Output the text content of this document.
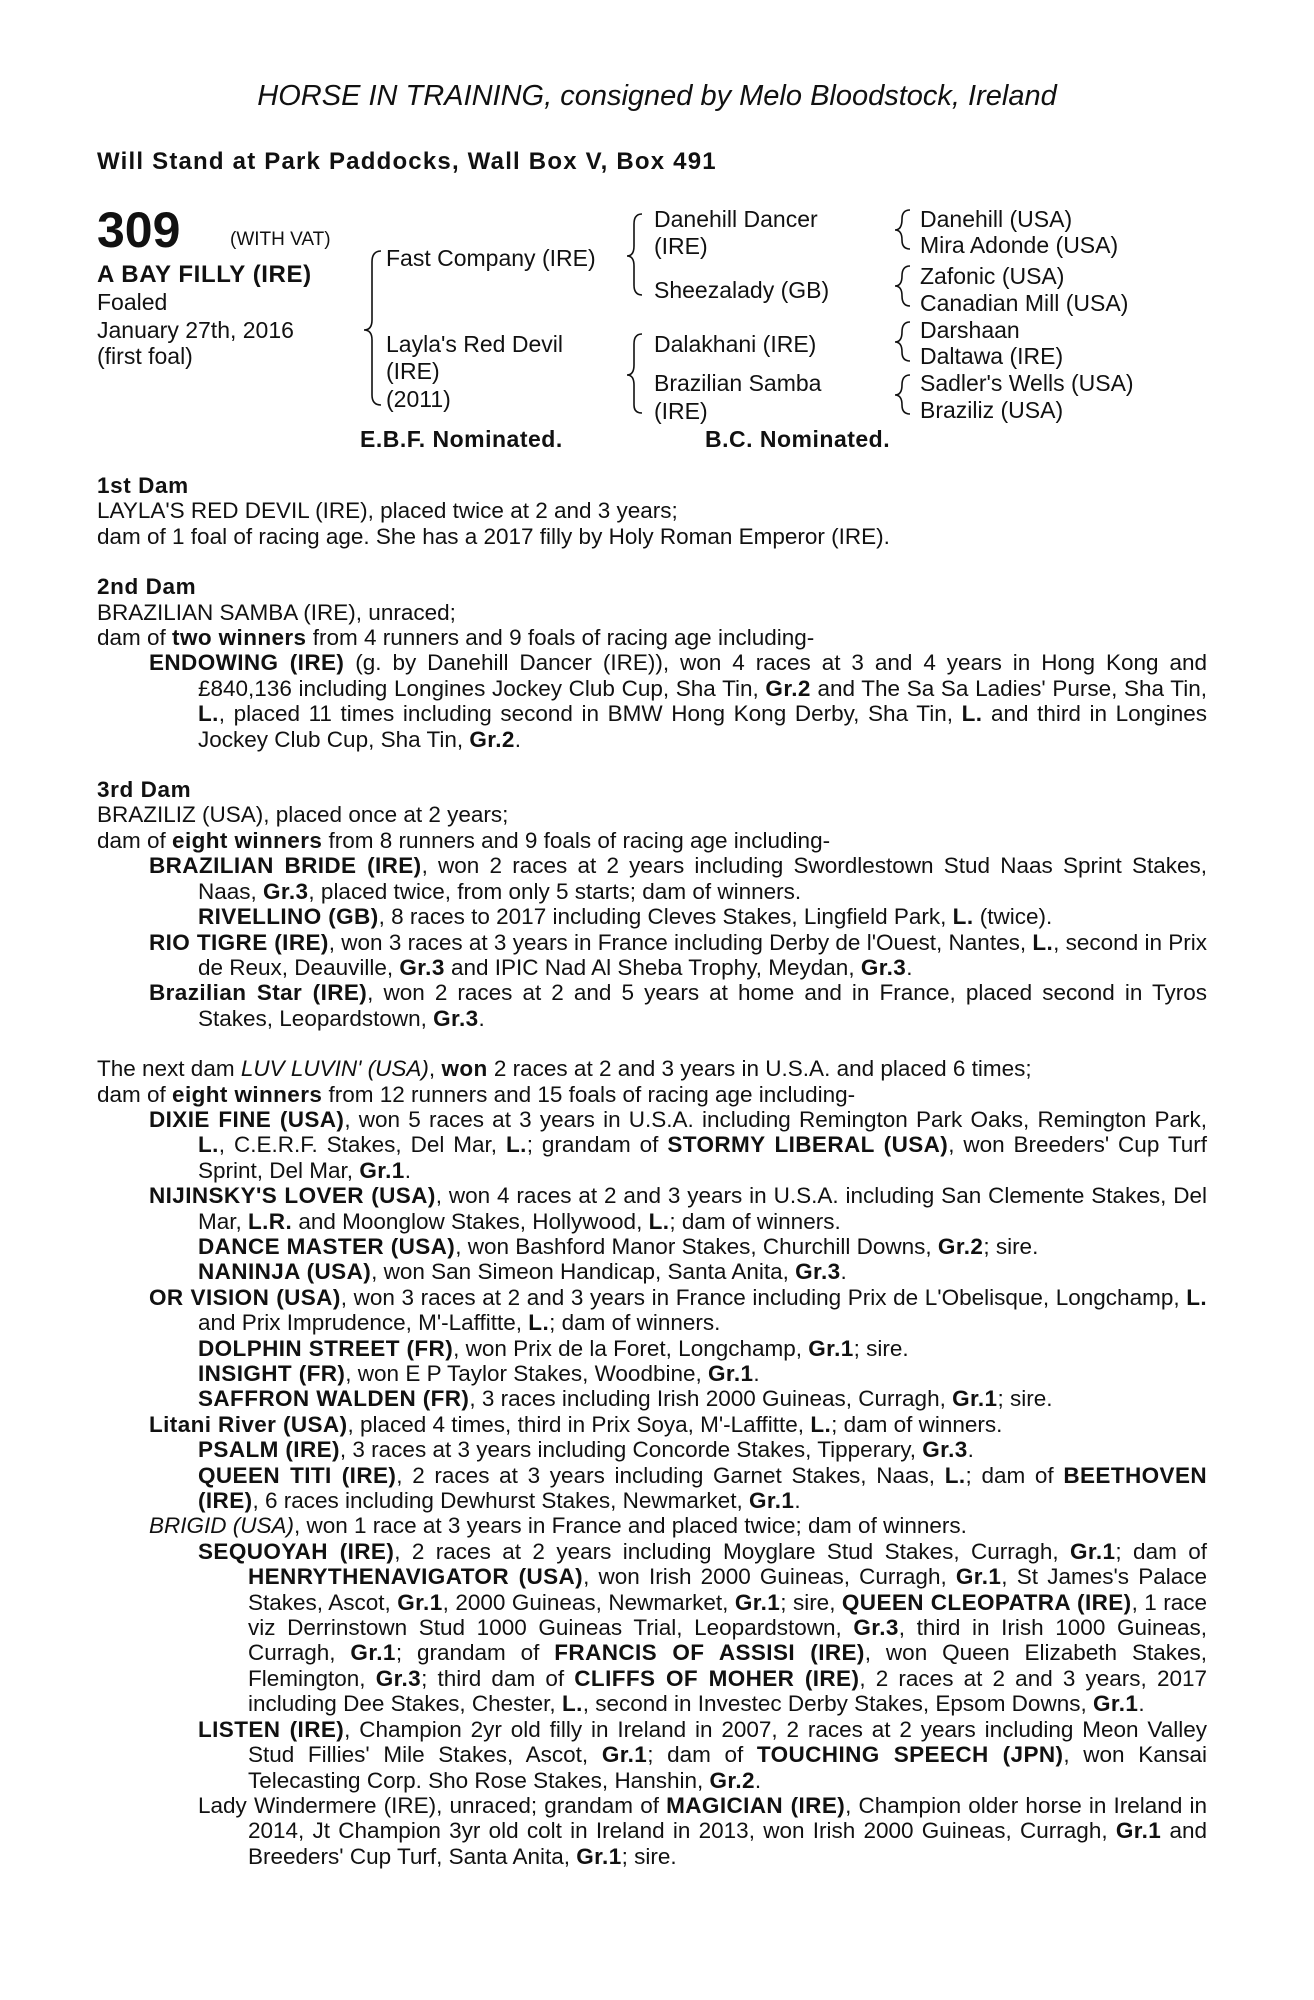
HORSE IN TRAINING, consigned by Melo Bloodstock, Ireland
Will Stand at Park Paddocks, Wall Box V, Box 491
309	(WITH VAT)
A BAY FILLY (IRE)
Foaled
January 27th, 2016
(first foal)
Fast Company (IRE)
Layla's Red Devil
(IRE)
(2011)
Danehill Dancer
(IRE)
Sheezalady (GB)
Dalakhani (IRE)
Brazilian Samba
(IRE)
Danehill (USA)
Mira Adonde (USA)
Zafonic (USA)
Canadian Mill (USA)
Darshaan
Daltawa (IRE)
Sadler's Wells (USA)
Braziliz (USA)
E.B.F. Nominated.	B.C. Nominated.
1st Dam

LAYLA'S RED DEVIL (IRE), placed twice at 2 and 3 years;

dam of 1 foal of racing age. She has a 2017 filly by Holy Roman Emperor (IRE).

2nd Dam

BRAZILIAN SAMBA (IRE), unraced;

dam of two winners from 4 runners and 9 foals of racing age including-

ENDOWING (IRE) (g. by Danehill Dancer (IRE)), won 4 races at 3 and 4 years in Hong Kong and £840,136 including Longines Jockey Club Cup, Sha Tin, Gr.2 and The Sa Sa Ladies' Purse, Sha Tin, L., placed 11 times including second in BMW Hong Kong Derby, Sha Tin, L. and third in Longines Jockey Club Cup, Sha Tin, Gr.2.

3rd Dam

BRAZILIZ (USA), placed once at 2 years;

dam of eight winners from 8 runners and 9 foals of racing age including-

BRAZILIAN BRIDE (IRE), won 2 races at 2 years including Swordlestown Stud Naas Sprint Stakes, Naas, Gr.3, placed twice, from only 5 starts; dam of winners.

RIVELLINO (GB), 8 races to 2017 including Cleves Stakes, Lingfield Park, L. (twice).

RIO TIGRE (IRE), won 3 races at 3 years in France including Derby de l'Ouest, Nantes, L., second in Prix de Reux, Deauville, Gr.3 and IPIC Nad Al Sheba Trophy, Meydan, Gr.3.

Brazilian Star (IRE), won 2 races at 2 and 5 years at home and in France, placed second in Tyros Stakes, Leopardstown, Gr.3.

The next dam LUV LUVIN' (USA), won 2 races at 2 and 3 years in U.S.A. and placed 6 times;

dam of eight winners from 12 runners and 15 foals of racing age including-

DIXIE FINE (USA), won 5 races at 3 years in U.S.A. including Remington Park Oaks, Remington Park, L., C.E.R.F. Stakes, Del Mar, L.; grandam of STORMY LIBERAL (USA), won Breeders' Cup Turf Sprint, Del Mar, Gr.1.

NIJINSKY'S LOVER (USA), won 4 races at 2 and 3 years in U.S.A. including San Clemente Stakes, Del Mar, L.R. and Moonglow Stakes, Hollywood, L.; dam of winners.

DANCE MASTER (USA), won Bashford Manor Stakes, Churchill Downs, Gr.2; sire.

NANINJA (USA), won San Simeon Handicap, Santa Anita, Gr.3.

OR VISION (USA), won 3 races at 2 and 3 years in France including Prix de L'Obelisque, Longchamp, L. and Prix Imprudence, M'-Laffitte, L.; dam of winners.

DOLPHIN STREET (FR), won Prix de la Foret, Longchamp, Gr.1; sire.

INSIGHT (FR), won E P Taylor Stakes, Woodbine, Gr.1.

SAFFRON WALDEN (FR), 3 races including Irish 2000 Guineas, Curragh, Gr.1; sire.

Litani River (USA), placed 4 times, third in Prix Soya, M'-Laffitte, L.; dam of winners.

PSALM (IRE), 3 races at 3 years including Concorde Stakes, Tipperary, Gr.3.

QUEEN TITI (IRE), 2 races at 3 years including Garnet Stakes, Naas, L.; dam of BEETHOVEN (IRE), 6 races including Dewhurst Stakes, Newmarket, Gr.1.

BRIGID (USA), won 1 race at 3 years in France and placed twice; dam of winners.

SEQUOYAH (IRE), 2 races at 2 years including Moyglare Stud Stakes, Curragh, Gr.1; dam of HENRYTHENAVIGATOR (USA), won Irish 2000 Guineas, Curragh, Gr.1, St James's Palace Stakes, Ascot, Gr.1, 2000 Guineas, Newmarket, Gr.1; sire, QUEEN CLEOPATRA (IRE), 1 race viz Derrinstown Stud 1000 Guineas Trial, Leopardstown, Gr.3, third in Irish 1000 Guineas, Curragh, Gr.1; grandam of FRANCIS OF ASSISI (IRE), won Queen Elizabeth Stakes, Flemington, Gr.3; third dam of CLIFFS OF MOHER (IRE), 2 races at 2 and 3 years, 2017 including Dee Stakes, Chester, L., second in Investec Derby Stakes, Epsom Downs, Gr.1.

LISTEN (IRE), Champion 2yr old filly in Ireland in 2007, 2 races at 2 years including Meon Valley Stud Fillies' Mile Stakes, Ascot, Gr.1; dam of TOUCHING SPEECH (JPN), won Kansai Telecasting Corp. Sho Rose Stakes, Hanshin, Gr.2.

Lady Windermere (IRE), unraced; grandam of MAGICIAN (IRE), Champion older horse in Ireland in 2014, Jt Champion 3yr old colt in Ireland in 2013, won Irish 2000 Guineas, Curragh, Gr.1 and Breeders' Cup Turf, Santa Anita, Gr.1; sire.
